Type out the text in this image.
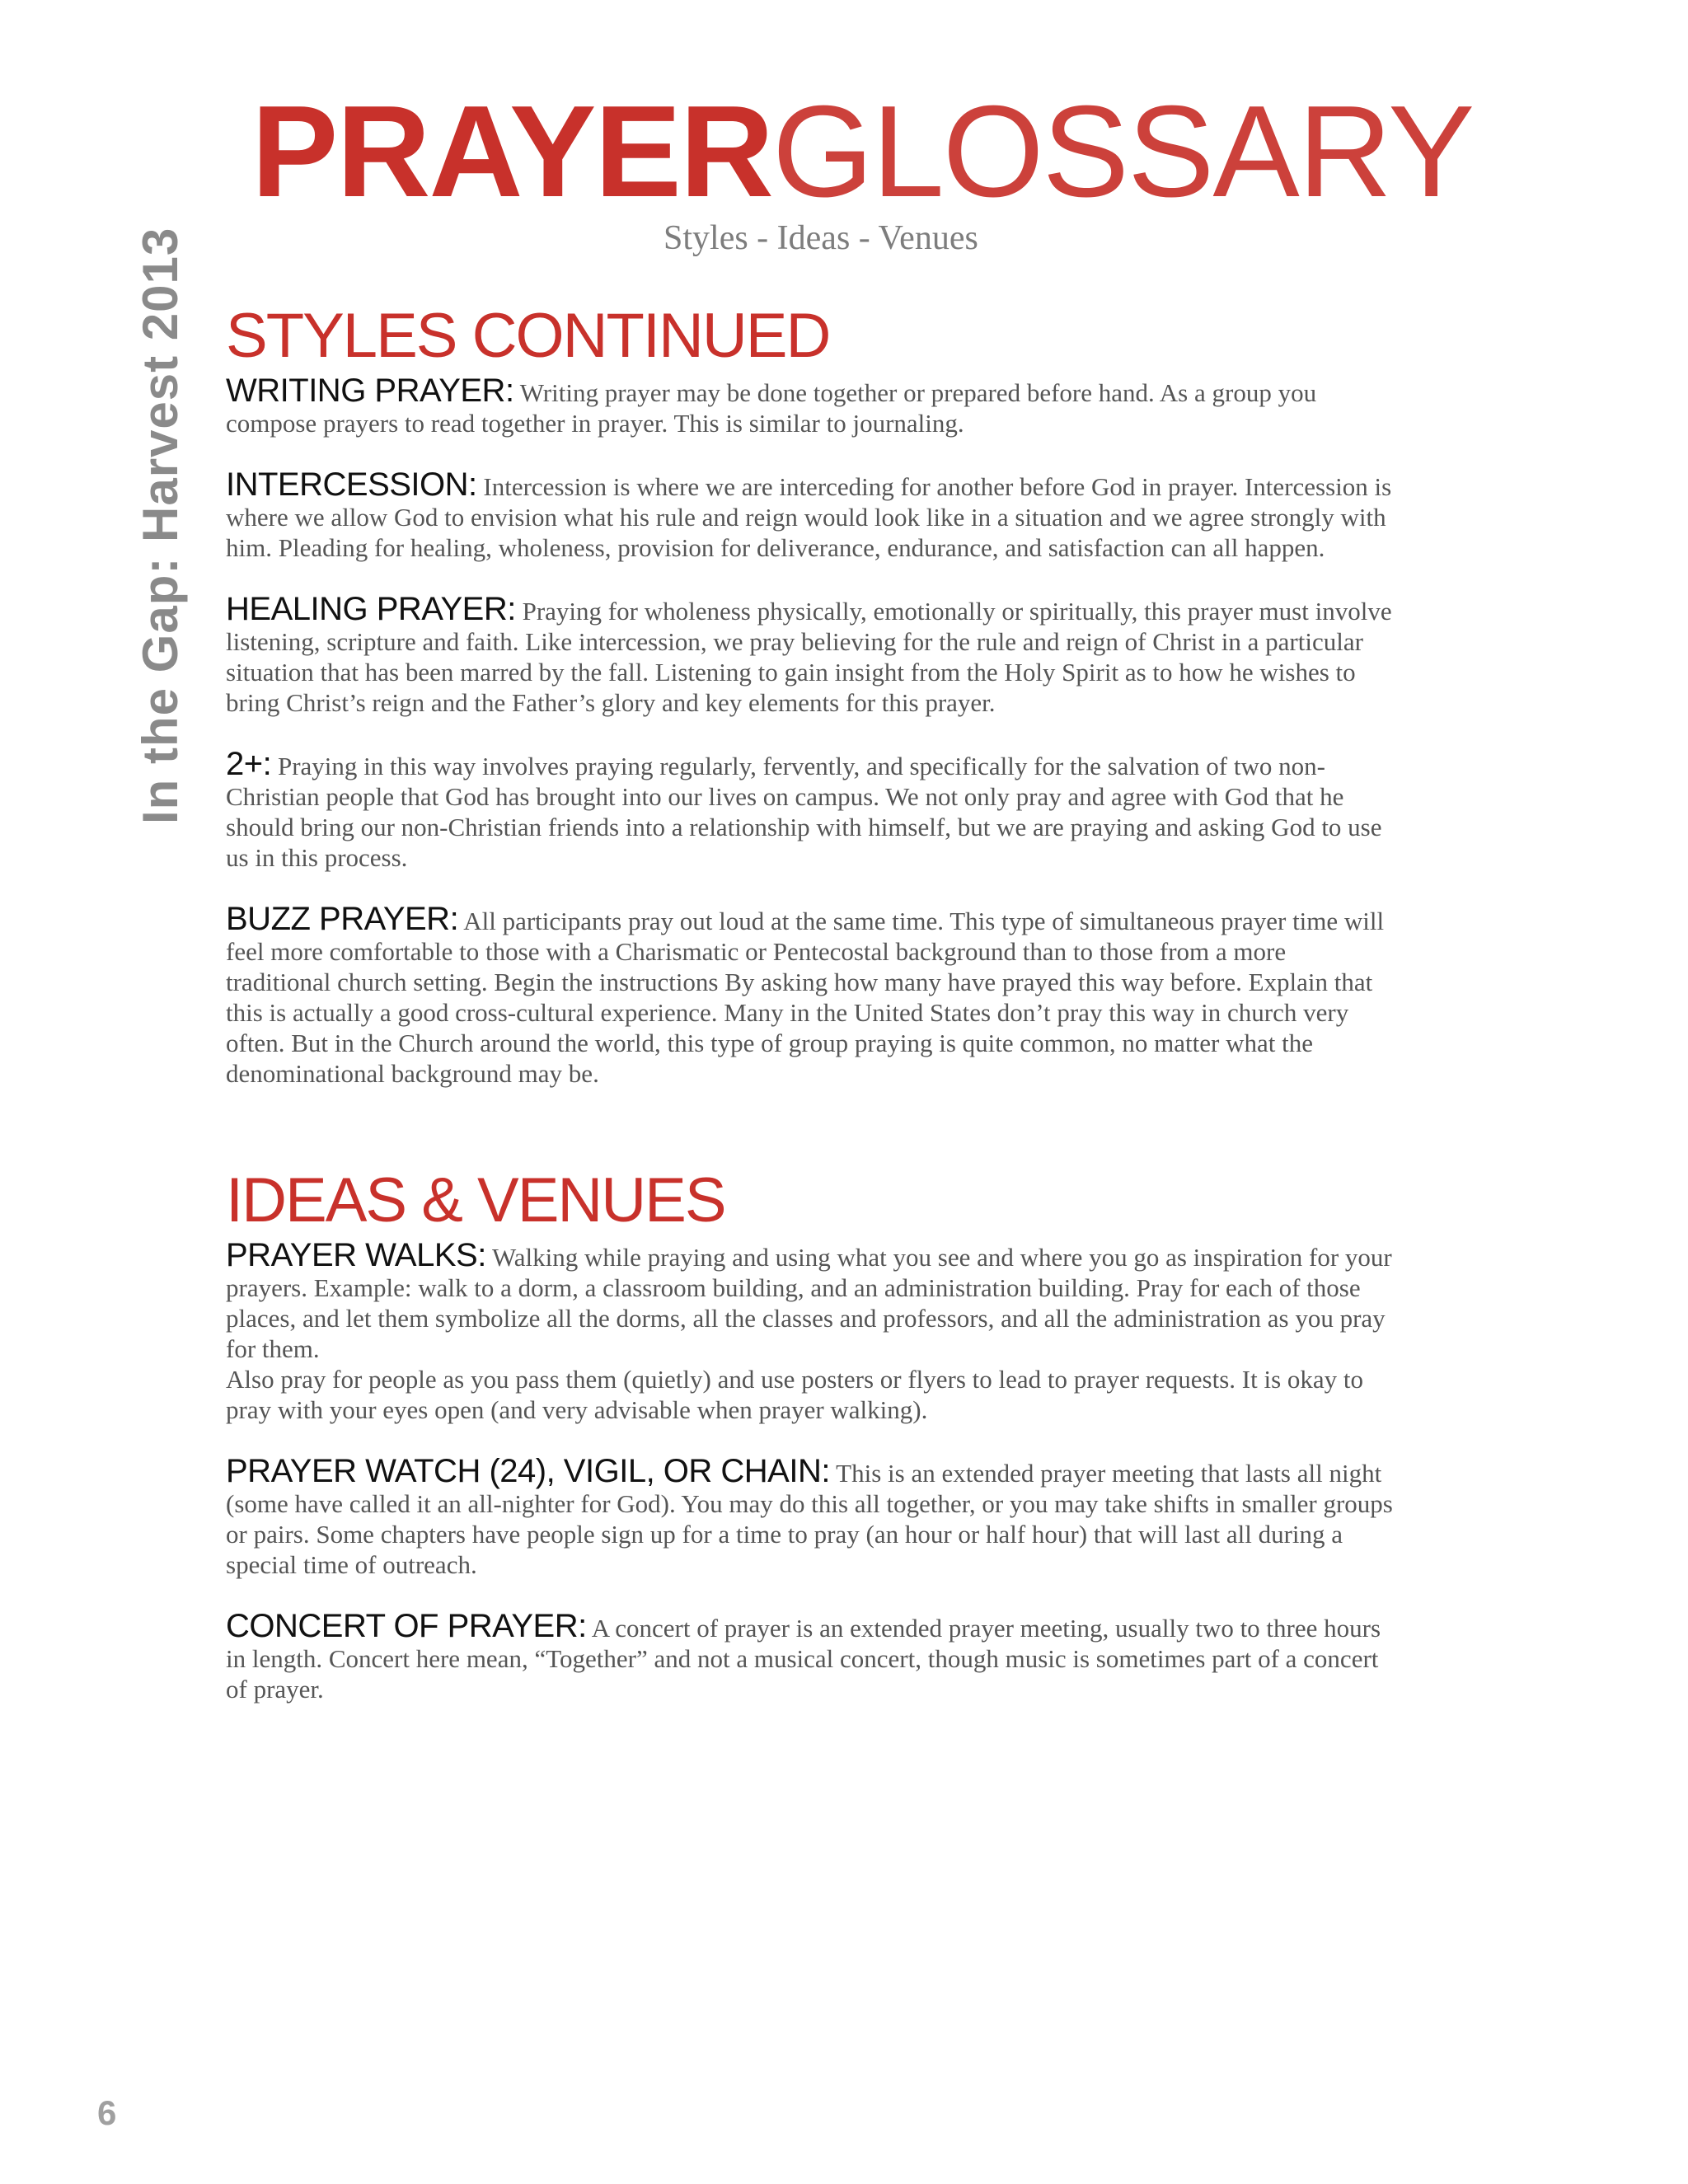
In the Gap: Harvest 2013
PRAYERGLOSSARY
Styles - Ideas - Venues
STYLES CONTINUED

WRITING PRAYER: Writing prayer may be done together or prepared before hand. As a group you compose prayers to read together in prayer. This is similar to journaling.

INTERCESSION: Intercession is where we are interceding for another before God in prayer. Intercession is where we allow God to envision what his rule and reign would look like in a situation and we agree strongly with him. Pleading for healing, wholeness, provision for deliverance, endurance, and satisfaction can all happen.

HEALING PRAYER: Praying for wholeness physically, emotionally or spiritually, this prayer must involve listening, scripture and faith. Like intercession, we pray believing for the rule and reign of Christ in a particular situation that has been marred by the fall. Listening to gain insight from the Holy Spirit as to how he wishes to bring Christ’s reign and the Father’s glory and key elements for this prayer.

2+: Praying in this way involves praying regularly, fervently, and specifically for the salvation of two non-Christian people that God has brought into our lives on campus. We not only pray and agree with God that he should bring our non-Christian friends into a relationship with himself, but we are praying and asking God to use us in this process.

BUZZ PRAYER: All participants pray out loud at the same time. This type of simultaneous prayer time will feel more comfortable to those with a Charismatic or Pentecostal background than to those from a more traditional church setting. Begin the instructions By asking how many have prayed this way before. Explain that this is actually a good cross-cultural experience. Many in the United States don’t pray this way in church very often. But in the Church around the world, this type of group praying is quite common, no matter what the denominational background may be.

IDEAS & VENUES

PRAYER WALKS: Walking while praying and using what you see and where you go as inspiration for your prayers. Example: walk to a dorm, a classroom building, and an administration building. Pray for each of those places, and let them symbolize all the dorms, all the classes and professors, and all the administration as you pray for them.
Also pray for people as you pass them (quietly) and use posters or flyers to lead to prayer requests. It is okay to pray with your eyes open (and very advisable when prayer walking).

PRAYER WATCH (24), VIGIL, OR CHAIN: This is an extended prayer meeting that lasts all night (some have called it an all-nighter for God). You may do this all together, or you may take shifts in smaller groups or pairs. Some chapters have people sign up for a time to pray (an hour or half hour) that will last all during a special time of outreach.

CONCERT OF PRAYER: A concert of prayer is an extended prayer meeting, usually two to three hours in length. Concert here mean, “Together” and not a musical concert, though music is sometimes part of a concert of prayer.

6
